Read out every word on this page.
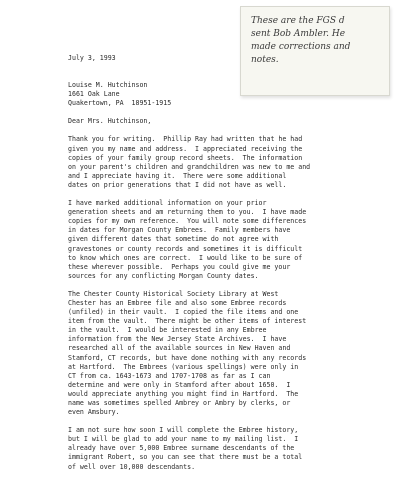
These are the FGS d
sent Bob Ambler. He
made corrections and
notes.
July 3, 1993
Louise M. Hutchinson
1661 Oak Lane
Quakertown, PA  18951-1915
Dear Mrs. Hutchinson,
Thank you for writing.  Phillip Ray had written that he had
given you my name and address.  I appreciated receiving the
copies of your family group record sheets.  The information
on your parent's children and grandchildren was new to me and
and I appreciate having it.  There were some additional
dates on prior generations that I did not have as well.
I have marked additional information on your prior
generation sheets and am returning them to you.  I have made
copies for my own reference.  You will note some differences
in dates for Morgan County Embrees.  Family members have
given different dates that sometime do not agree with
gravestones or county records and sometimes it is difficult
to know which ones are correct.  I would like to be sure of
these wherever possible.  Perhaps you could give me your
sources for any conflicting Morgan County dates.
The Chester County Historical Society Library at West
Chester has an Embree file and also some Embree records
(unfiled) in their vault.  I copied the file items and one
item from the vault.  There might be other items of interest
in the vault.  I would be interested in any Embree
information from the New Jersey State Archives.  I have
researched all of the available sources in New Haven and
Stamford, CT records, but have done nothing with any records
at Hartford.  The Embrees (various spellings) were only in
CT from ca. 1643-1673 and 1707-1708 as far as I can
determine and were only in Stamford after about 1650.  I
would appreciate anything you might find in Hartford.  The
name was sometimes spelled Ambrey or Ambry by clerks, or
even Amsbury.
I am not sure how soon I will complete the Embree history,
but I will be glad to add your name to my mailing list.  I
already have over 5,000 Embree surname descendants of the
immigrant Robert, so you can see that there must be a total
of well over 10,000 descendants.
